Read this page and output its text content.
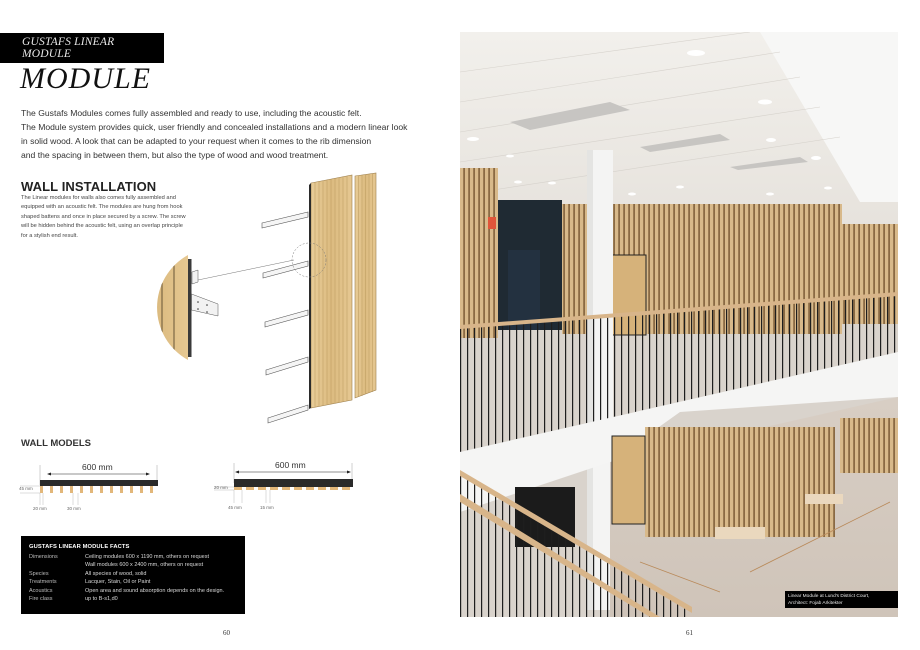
GUSTAFS LINEAR MODULE
MODULE

The Gustafs Modules comes fully assembled and ready to use, including the acoustic felt.

The Module system provides quick, user friendly and concealed installations and a modern linear look

in solid wood. A look that can be adapted to your request when it comes to the rib dimension

and the spacing in between them, but also the type of wood and wood treatment.

WALL INSTALLATION
The Linear modules for walls also comes fully assembled and
equipped with an acoustic felt. The modules are hung from hook
shaped battens and once in place secured by a screw. The screw
will be hidden behind the acoustic felt, using an overlap principle
for a stylish end result.
WALL MODELS
600 mm
45 mm
20 mm	30 mm
600 mm
20 mm
45 mm	15 mm
GUSTAFS LINEAR MODULE FACTS
Dimensions	Ceiling modules 600 x 1190 mm, others on request
Wall modules 600 x 2400 mm, others on request
Species	All species of wood, solid
Treatments	Lacquer, Stain, Oil or Paint
Acoustics	Open area and sound absorption depends on the design.
Fire class	up to B-s1,d0
60
Linear Module at Lund's District Court,
Architect: Fojab Arkitekter
61
